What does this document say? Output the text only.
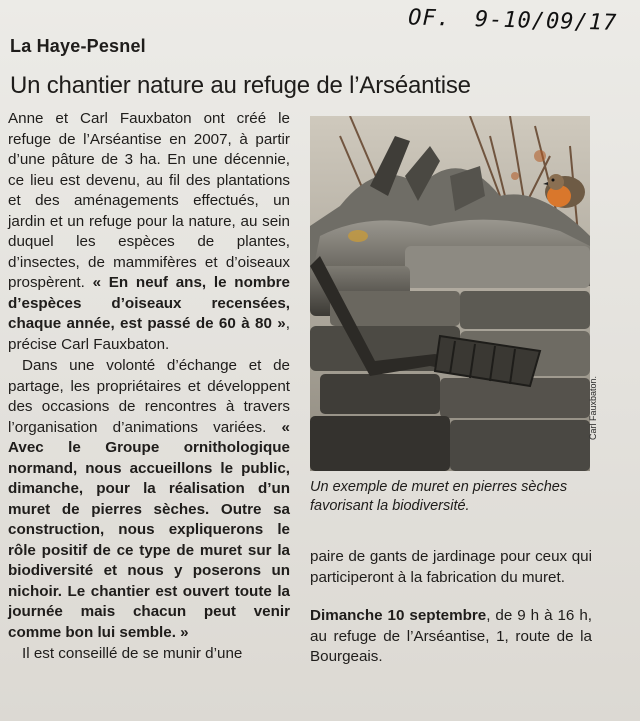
OF. 9-10/09/17
La Haye-Pesnel
Un chantier nature au refuge de l’Arséantise

Anne et Carl Fauxbaton ont créé le refuge de l’Arséantise en 2007, à partir d’une pâture de 3 ha. En une décennie, ce lieu est devenu, au fil des plantations et des aménagements effectués, un jardin et un refuge pour la nature, au sein duquel les espèces de plantes, d’insectes, de mammifères et d’oiseaux prospèrent. « En neuf ans, le nombre d’espèces d’oiseaux recensées, chaque année, est passé de 60 à 80 », précise Carl Fauxbaton.

Dans une volonté d’échange et de partage, les propriétaires et développent des occasions de rencontres à travers l’organisation d’animations variées. « Avec le Groupe ornithologique normand, nous accueillons le public, dimanche, pour la réalisation d’un muret de pierres sèches. Outre sa construction, nous expliquerons le rôle positif de ce type de muret sur la biodiversité et nous y poserons un nichoir. Le chantier est ouvert toute la journée mais chacun peut venir comme bon lui semble. »

Il est conseillé de se munir d’une

Carl Fauxbaton.
Un exemple de muret en pierres sèches favorisant la biodiversité.

paire de gants de jardinage pour ceux qui participeront à la fabrication du muret.

Dimanche 10 septembre, de 9 h à 16 h, au refuge de l’Arséantise, 1, route de la Bourgeais.
